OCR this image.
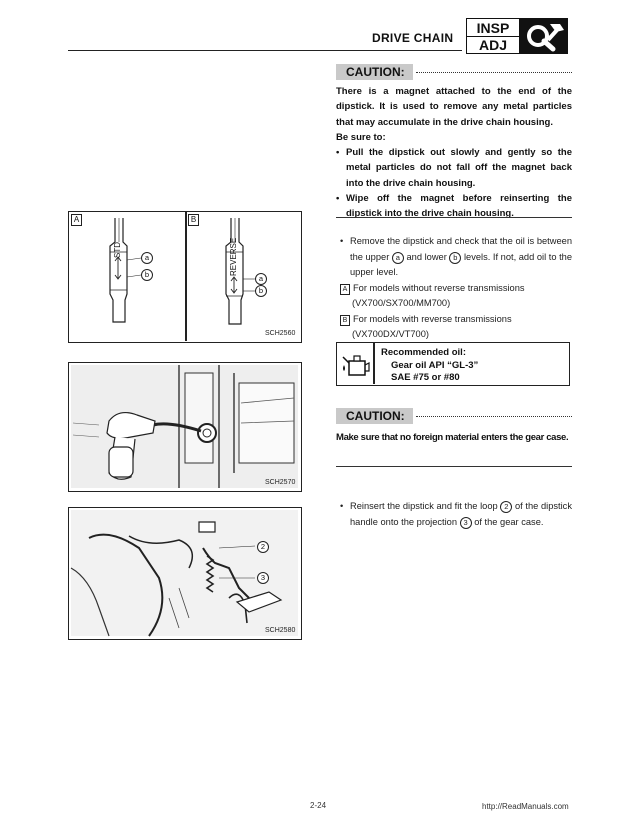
DRIVE CHAIN
INSP
ADJ
CAUTION:

There is a magnet attached to the end of the dipstick. It is used to remove any metal particles that may accumulate in the drive chain housing.

Be sure to:

• Pull the dipstick out slowly and gently so the metal particles do not fall off the magnet back into the drive chain housing.

• Wipe off the magnet before reinserting the dipstick into the drive chain housing.

• Remove the dipstick and check that the oil is between the upper a and lower b levels. If not, add oil to the upper level.

A For models without reverse transmissions

(VX700/SX700/MM700)

B For models with reverse transmissions

(VX700DX/VT700)

Recommended oil:
Gear oil API “GL-3”
SAE #75 or #80
CAUTION:
Make sure that no foreign material enters the gear case.

• Reinsert the dipstick and fit the loop 2 of the dipstick handle onto the projection 3 of the gear case.

A	B
STD	REVERSE
a
b	a
b
SCH2560
SCH2570
2
3
SCH2580
2-24	http://ReadManuals.com
